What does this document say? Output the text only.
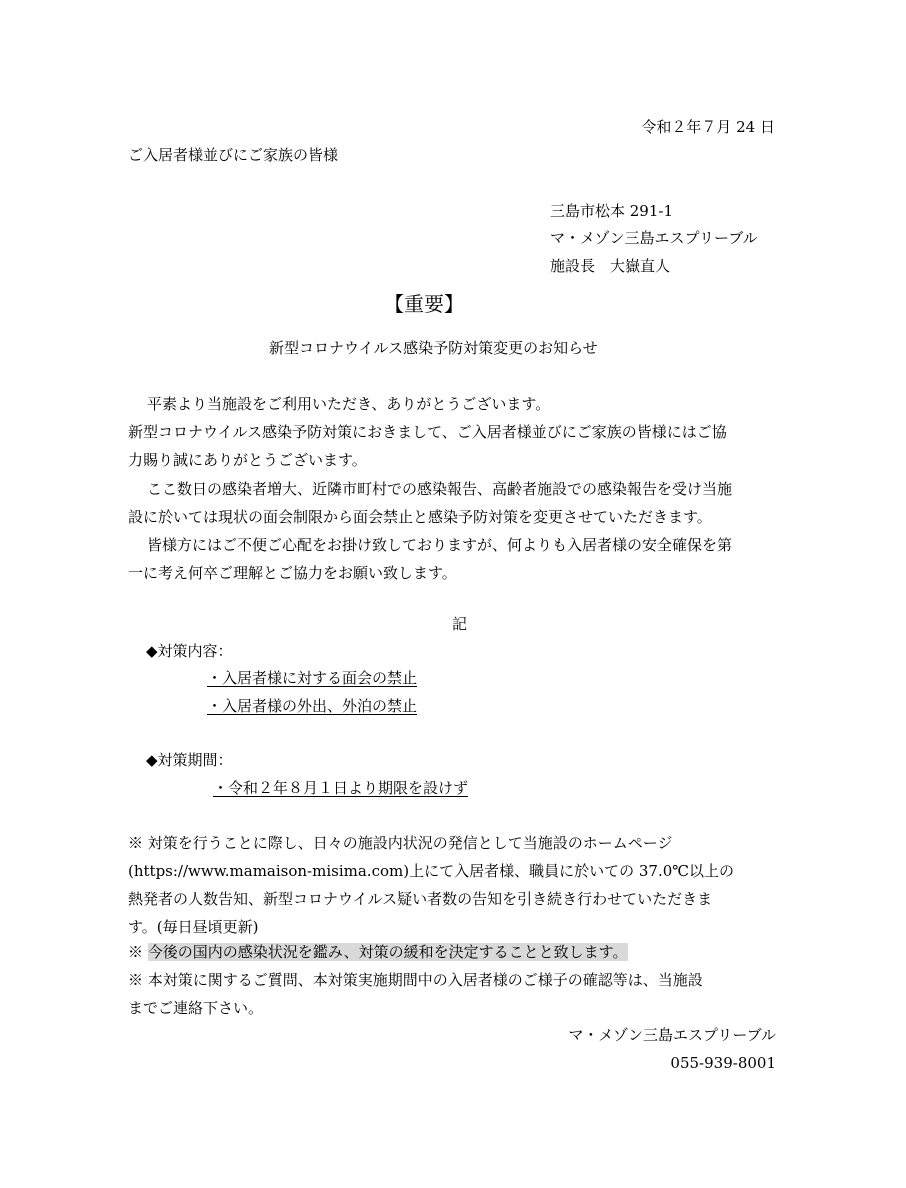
令和２年７月 24 日
ご入居者様並びにご家族の皆様
三島市松本 291-1
マ・メゾン三島エスプリーブル
施設長　大嶽直人
【重要】
新型コロナウイルス感染予防対策変更のお知らせ
平素より当施設をご利用いただき、ありがとうございます。
新型コロナウイルス感染予防対策におきまして、ご入居者様並びにご家族の皆様にはご協
力賜り誠にありがとうございます。
ここ数日の感染者増大、近隣市町村での感染報告、高齢者施設での感染報告を受け当施
設に於いては現状の面会制限から面会禁止と感染予防対策を変更させていただきます。
皆様方にはご不便ご心配をお掛け致しておりますが、何よりも入居者様の安全確保を第
一に考え何卒ご理解とご協力をお願い致します。
記
◆対策内容：
・入居者様に対する面会の禁止
・入居者様の外出、外泊の禁止
◆対策期間：
・令和２年８月１日より期限を設けず
※ 対策を行うことに際し、日々の施設内状況の発信として当施設のホームページ
(https://www.mamaison-misima.com)上にて入居者様、職員に於いての 37.0℃以上の
熱発者の人数告知、新型コロナウイルス疑い者数の告知を引き続き行わせていただきま
す。(毎日昼頃更新)
※ 今後の国内の感染状況を鑑み、対策の緩和を決定することと致します。
※ 本対策に関するご質問、本対策実施期間中の入居者様のご様子の確認等は、当施設
までご連絡下さい。
マ・メゾン三島エスプリーブル
055-939-8001
